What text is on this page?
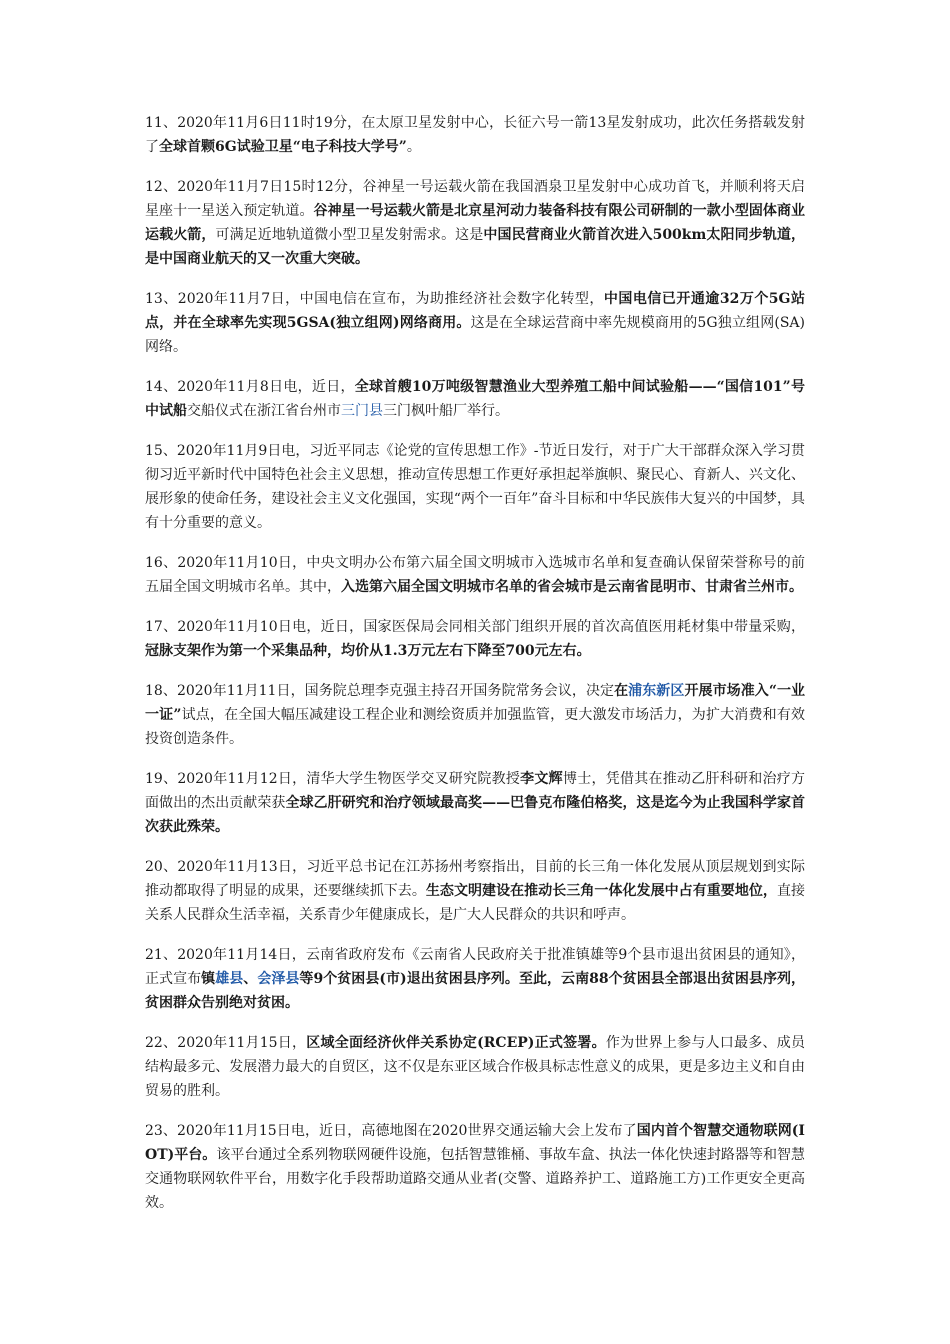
11、2020年11月6日11时19分，在太原卫星发射中心，长征六号一箭13星发射成功，此次任务搭载发射了全球首颗6G试验卫星“电子科技大学号”。

12、2020年11月7日15时12分，谷神星一号运载火箭在我国酒泉卫星发射中心成功首飞，并顺利将天启星座十一星送入预定轨道。谷神星一号运载火箭是北京星河动力装备科技有限公司研制的一款小型固体商业运载火箭，可满足近地轨道微小型卫星发射需求。这是中国民营商业火箭首次进入500km太阳同步轨道，是中国商业航天的又一次重大突破。

13、2020年11月7日，中国电信在宣布，为助推经济社会数字化转型，中国电信已开通逾32万个5G站点，并在全球率先实现5GSA(独立组网)网络商用。这是在全球运营商中率先规模商用的5G独立组网(SA)网络。

14、2020年11月8日电，近日，全球首艘10万吨级智慧渔业大型养殖工船中间试验船——“国信101”号中试船交船仪式在浙江省台州市三门县三门枫叶船厂举行。

15、2020年11月9日电，习近平同志《论党的宣传思想工作》-节近日发行，对于广大干部群众深入学习贯彻习近平新时代中国特色社会主义思想，推动宣传思想工作更好承担起举旗帜、聚民心、育新人、兴文化、展形象的使命任务，建设社会主义文化强国，实现“两个一百年”奋斗目标和中华民族伟大复兴的中国梦，具有十分重要的意义。

16、2020年11月10日，中央文明办公布第六届全国文明城市入选城市名单和复查确认保留荣誉称号的前五届全国文明城市名单。其中，入选第六届全国文明城市名单的省会城市是云南省昆明市、甘肃省兰州市。

17、2020年11月10日电，近日，国家医保局会同相关部门组织开展的首次高值医用耗材集中带量采购，冠脉支架作为第一个采集品种，均价从1.3万元左右下降至700元左右。

18、2020年11月11日，国务院总理李克强主持召开国务院常务会议，决定在浦东新区开展市场准入“一业一证”试点，在全国大幅压减建设工程企业和测绘资质并加强监管，更大激发市场活力，为扩大消费和有效投资创造条件。

19、2020年11月12日，清华大学生物医学交叉研究院教授李文辉博士，凭借其在推动乙肝科研和治疗方面做出的杰出贡献荣获全球乙肝研究和治疗领域最高奖——巴鲁克布隆伯格奖，这是迄今为止我国科学家首次获此殊荣。

20、2020年11月13日，习近平总书记在江苏扬州考察指出，目前的长三角一体化发展从顶层规划到实际推动都取得了明显的成果，还要继续抓下去。生态文明建设在推动长三角一体化发展中占有重要地位，直接关系人民群众生活幸福，关系青少年健康成长，是广大人民群众的共识和呼声。

21、2020年11月14日，云南省政府发布《云南省人民政府关于批准镇雄等9个县市退出贫困县的通知》，正式宣布镇雄县、会泽县等9个贫困县(市)退出贫困县序列。至此，云南88个贫困县全部退出贫困县序列，贫困群众告别绝对贫困。

22、2020年11月15日，区域全面经济伙伴关系协定(RCEP)正式签署。作为世界上参与人口最多、成员结构最多元、发展潜力最大的自贸区，这不仅是东亚区域合作极具标志性意义的成果，更是多边主义和自由贸易的胜利。

23、2020年11月15日电，近日，高德地图在2020世界交通运输大会上发布了国内首个智慧交通物联网(IOT)平台。该平台通过全系列物联网硬件设施，包括智慧锥桶、事故车盒、执法一体化快速封路器等和智慧交通物联网软件平台，用数字化手段帮助道路交通从业者(交警、道路养护工、道路施工方)工作更安全更高效。
